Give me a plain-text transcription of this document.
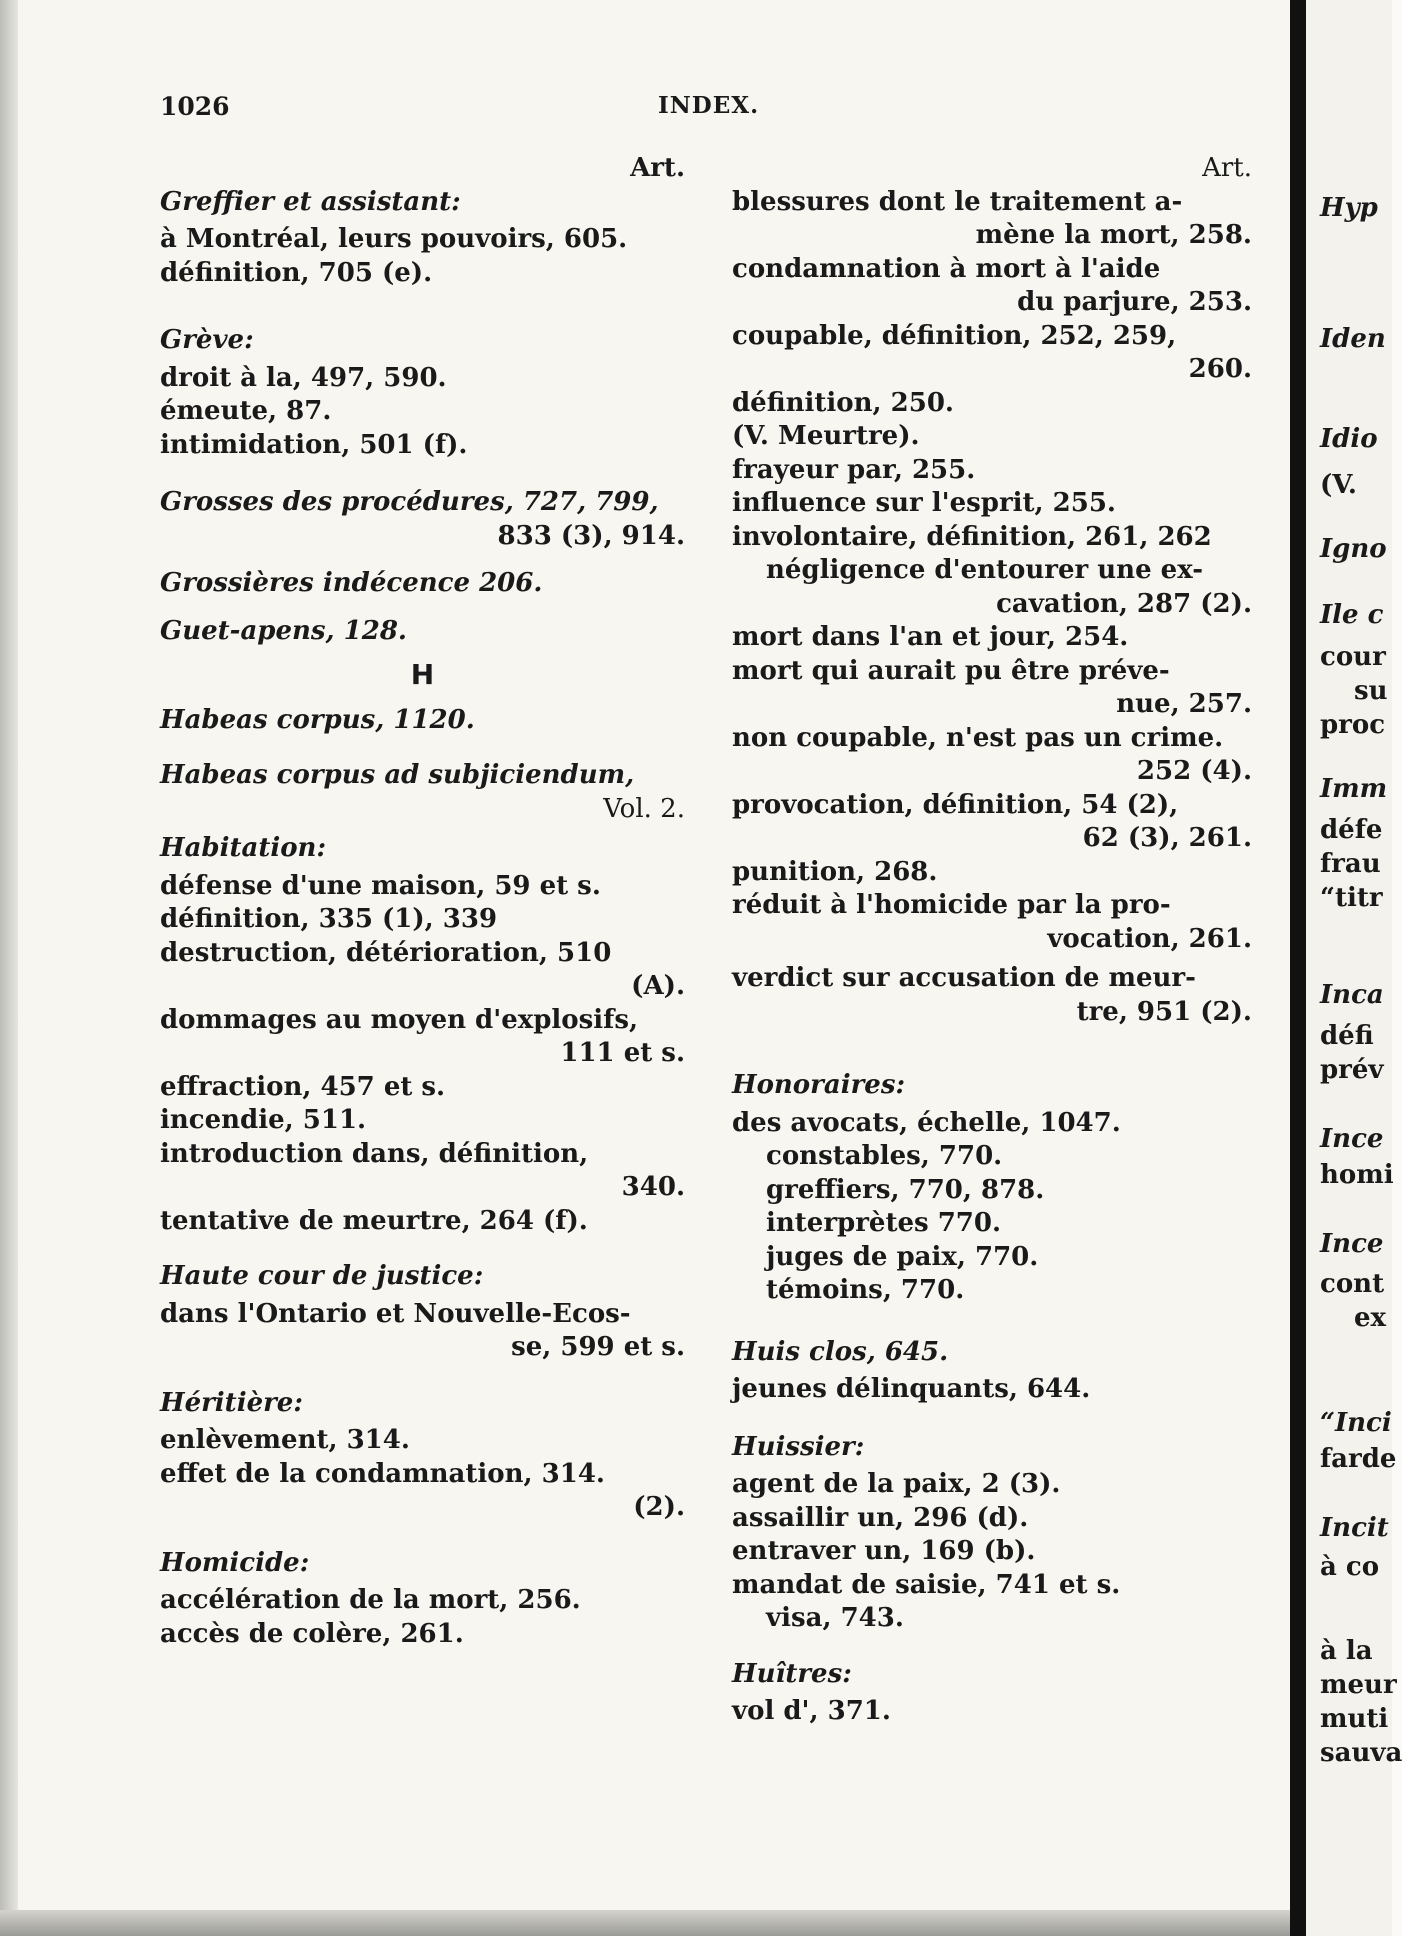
1026	INDEX.
Art.
Greffier et assistant:
à Montréal, leurs pouvoirs, 605.
définition, 705 (e).
Grève:
droit à la, 497, 590.
émeute, 87.
intimidation, 501 (f).
Grosses des procédures, 727, 799,
833 (3), 914.
Grossières indécence 206.
Guet-apens, 128.
H
Habeas corpus, 1120.
Habeas corpus ad subjiciendum,
Vol. 2.
Habitation:
défense d'une maison, 59 et s.
définition, 335 (1), 339
destruction, détérioration, 510
(A).
dommages au moyen d'explosifs,
111 et s.
effraction, 457 et s.
incendie, 511.
introduction dans, définition,
340.
tentative de meurtre, 264 (f).
Haute cour de justice:
dans l'Ontario et Nouvelle-Ecos-
se, 599 et s.
Héritière:
enlèvement, 314.
effet de la condamnation, 314.
(2).
Homicide:
accélération de la mort, 256.
accès de colère, 261.
Art.
blessures dont le traitement a-
mène la mort, 258.
condamnation à mort à l'aide
du parjure, 253.
coupable, définition, 252, 259,
260.
définition, 250.
(V. Meurtre).
frayeur par, 255.
influence sur l'esprit, 255.
involontaire, définition, 261, 262
négligence d'entourer une ex-
cavation, 287 (2).
mort dans l'an et jour, 254.
mort qui aurait pu être préve-
nue, 257.
non coupable, n'est pas un crime.
252 (4).
provocation, définition, 54 (2),
62 (3), 261.
punition, 268.
réduit à l'homicide par la pro-
vocation, 261.
verdict sur accusation de meur-
tre, 951 (2).
Honoraires:
des avocats, échelle, 1047.
constables, 770.
greffiers, 770, 878.
interprètes 770.
juges de paix, 770.
témoins, 770.
Huis clos, 645.
jeunes délinquants, 644.
Huissier:
agent de la paix, 2 (3).
assaillir un, 296 (d).
entraver un, 169 (b).
mandat de saisie, 741 et s.
visa, 743.
Huîtres:
vol d', 371.
Hyp
Iden
Idio
(V.
Igno
Ile c
cour
su
proc
Imm
défe
frau
“titr
Inca
défi
prév
Ince
homi
Ince
cont
ex
“Inci
farde
Incit
à co
à la
meur
muti
sauva
